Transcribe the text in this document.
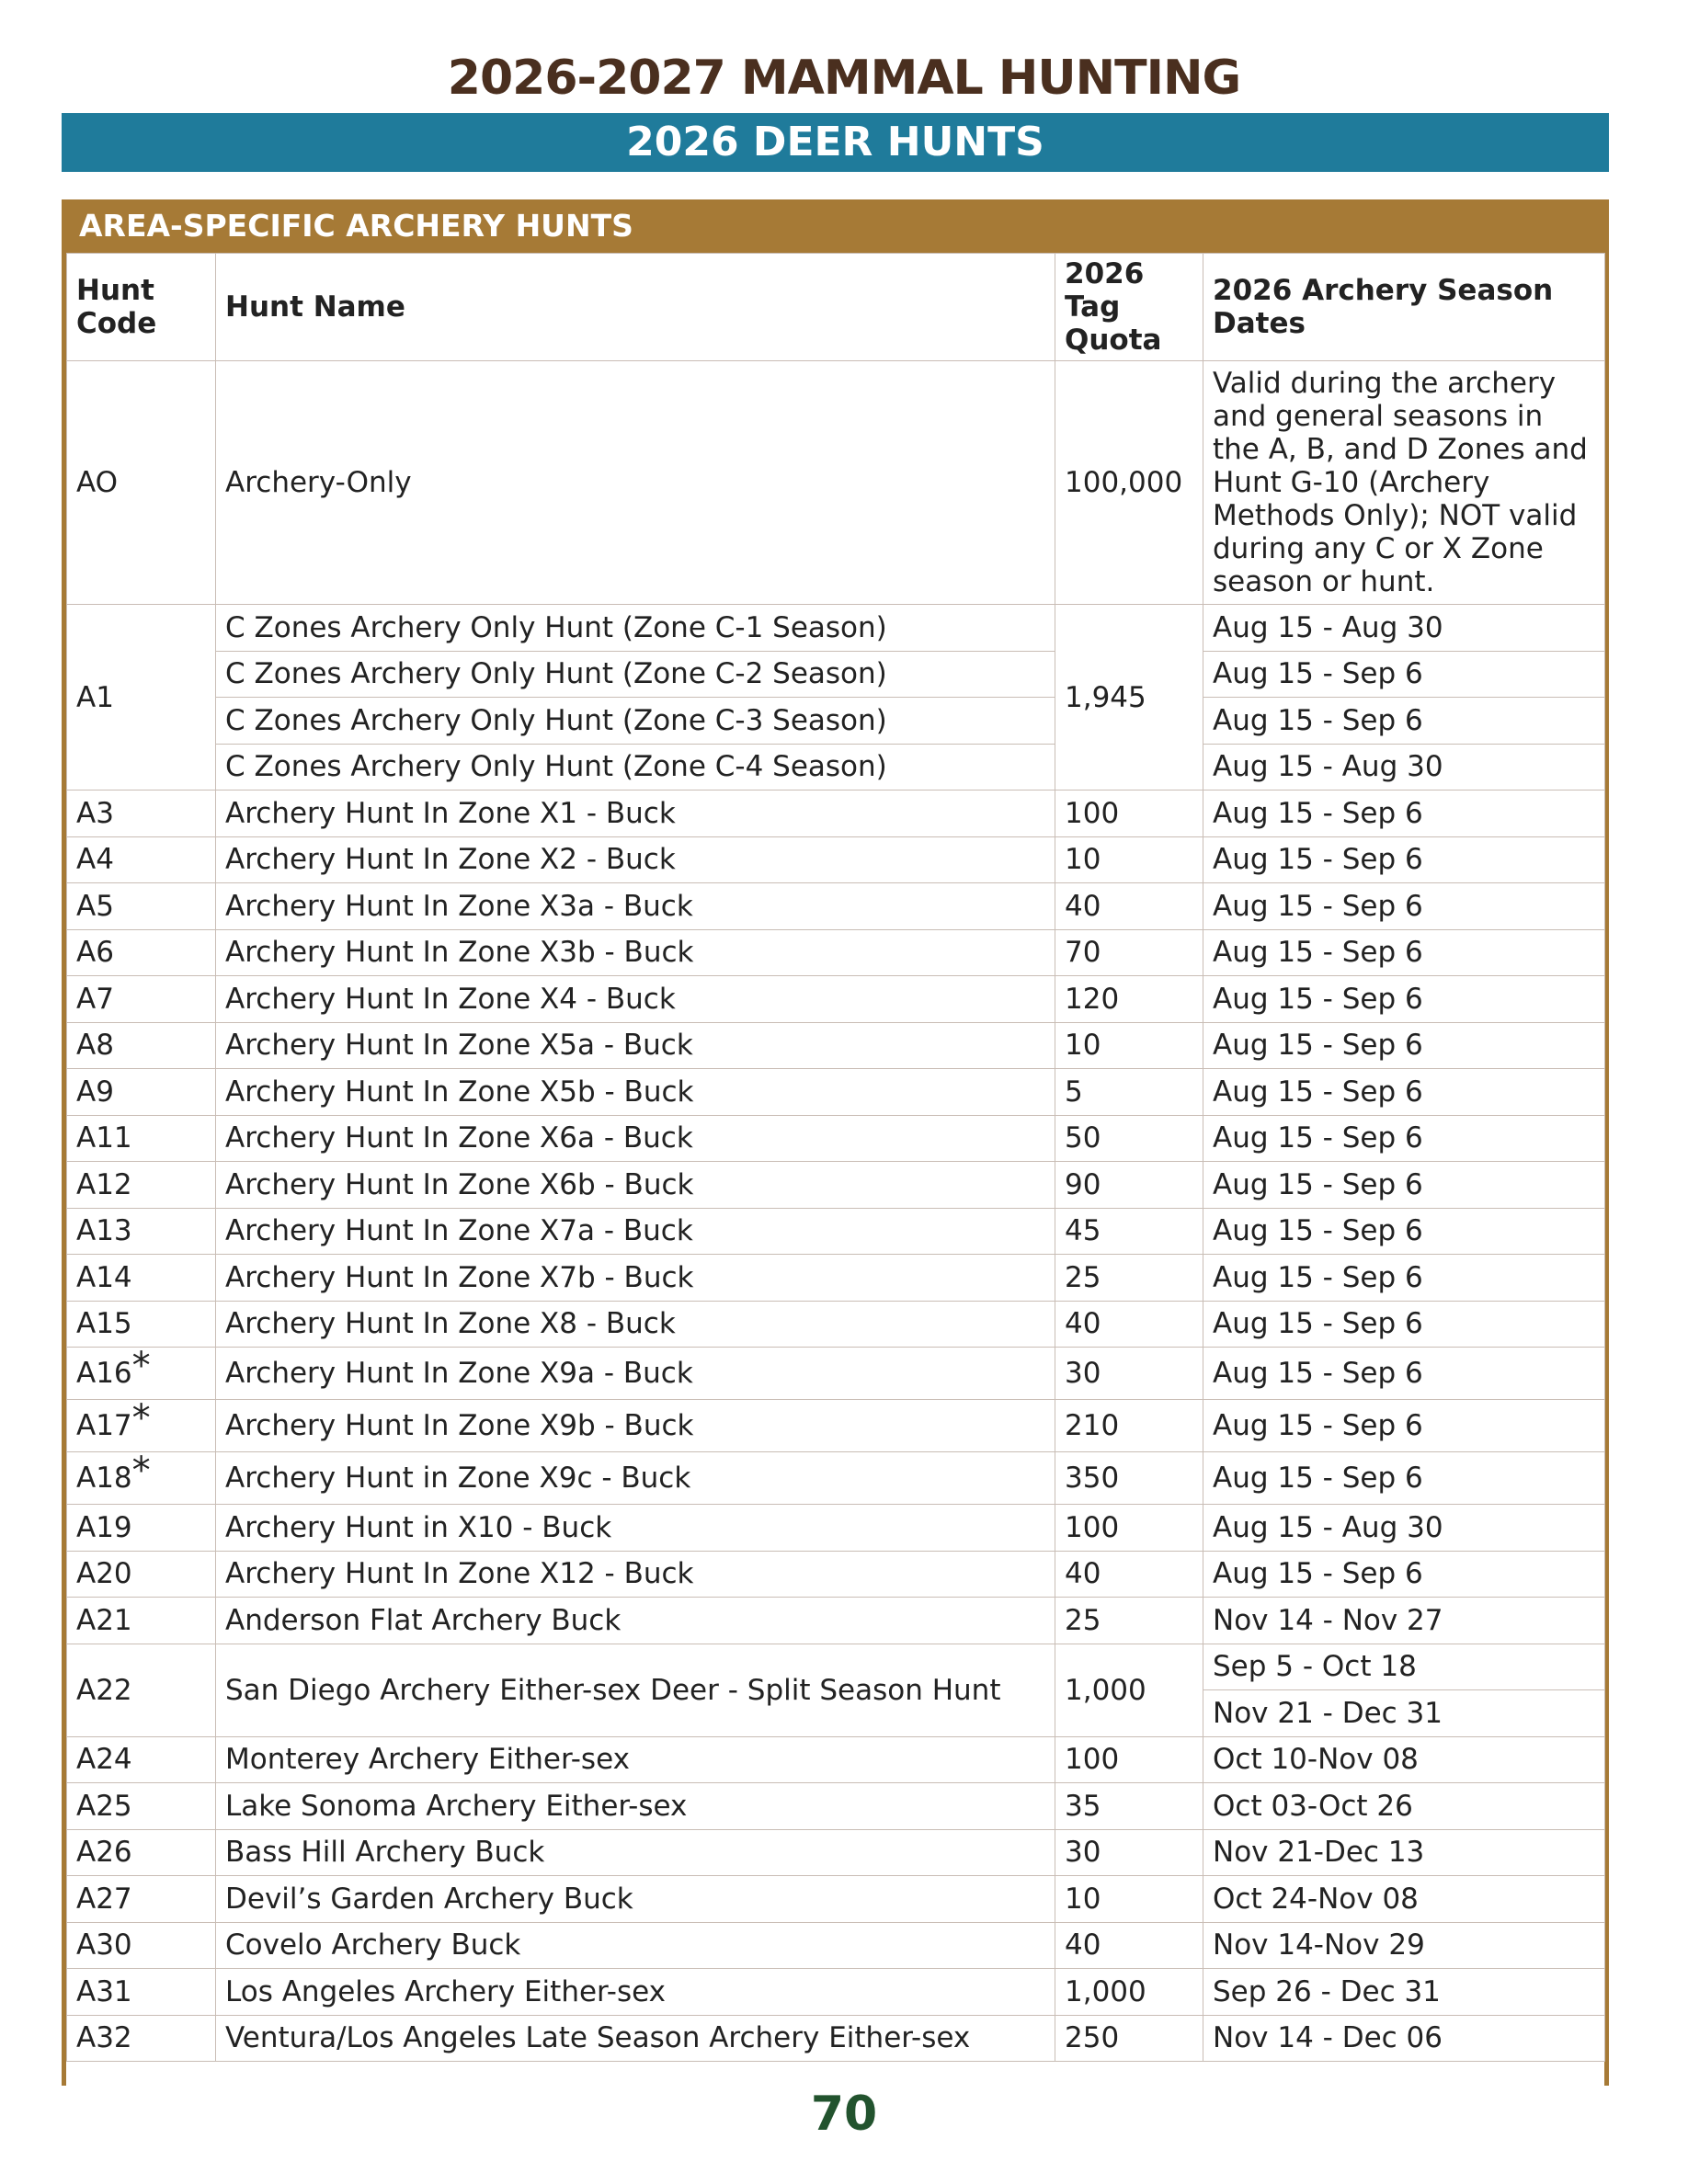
2026-2027 MAMMAL HUNTING
2026 DEER HUNTS
AREA-SPECIFIC ARCHERY HUNTS
Hunt Code	Hunt Name	2026 Tag Quota	2026 Archery Season Dates
AO	Archery-Only	100,000	Valid during the archery and general seasons in the A, B, and D Zones and Hunt G-10 (Archery Methods Only); NOT valid during any C or X Zone season or hunt.
A1	C Zones Archery Only Hunt (Zone C-1 Season)	1,945	Aug 15 - Aug 30
	C Zones Archery Only Hunt (Zone C-2 Season)		Aug 15 - Sep 6
	C Zones Archery Only Hunt (Zone C-3 Season)		Aug 15 - Sep 6
	C Zones Archery Only Hunt (Zone C-4 Season)		Aug 15 - Aug 30
A3	Archery Hunt In Zone X1 - Buck	100	Aug 15 - Sep 6
A4	Archery Hunt In Zone X2 - Buck	10	Aug 15 - Sep 6
A5	Archery Hunt In Zone X3a - Buck	40	Aug 15 - Sep 6
A6	Archery Hunt In Zone X3b - Buck	70	Aug 15 - Sep 6
A7	Archery Hunt In Zone X4 - Buck	120	Aug 15 - Sep 6
A8	Archery Hunt In Zone X5a - Buck	10	Aug 15 - Sep 6
A9	Archery Hunt In Zone X5b - Buck	5	Aug 15 - Sep 6
A11	Archery Hunt In Zone X6a - Buck	50	Aug 15 - Sep 6
A12	Archery Hunt In Zone X6b - Buck	90	Aug 15 - Sep 6
A13	Archery Hunt In Zone X7a - Buck	45	Aug 15 - Sep 6
A14	Archery Hunt In Zone X7b - Buck	25	Aug 15 - Sep 6
A15	Archery Hunt In Zone X8 - Buck	40	Aug 15 - Sep 6
A16*	Archery Hunt In Zone X9a - Buck	30	Aug 15 - Sep 6
A17*	Archery Hunt In Zone X9b - Buck	210	Aug 15 - Sep 6
A18*	Archery Hunt in Zone X9c - Buck	350	Aug 15 - Sep 6
A19	Archery Hunt in X10 - Buck	100	Aug 15 - Aug 30
A20	Archery Hunt In Zone X12 - Buck	40	Aug 15 - Sep 6
A21	Anderson Flat Archery Buck	25	Nov 14 - Nov 27
A22	San Diego Archery Either-sex Deer - Split Season Hunt	1,000	Sep 5 - Oct 18
			Nov 21 - Dec 31
A24	Monterey Archery Either-sex	100	Oct 10-Nov 08
A25	Lake Sonoma Archery Either-sex	35	Oct 03-Oct 26
A26	Bass Hill Archery Buck	30	Nov 21-Dec 13
A27	Devil’s Garden Archery Buck	10	Oct 24-Nov 08
A30	Covelo Archery Buck	40	Nov 14-Nov 29
A31	Los Angeles Archery Either-sex	1,000	Sep 26 - Dec 31
A32	Ventura/Los Angeles Late Season Archery Either-sex	250	Nov 14 - Dec 06
70
